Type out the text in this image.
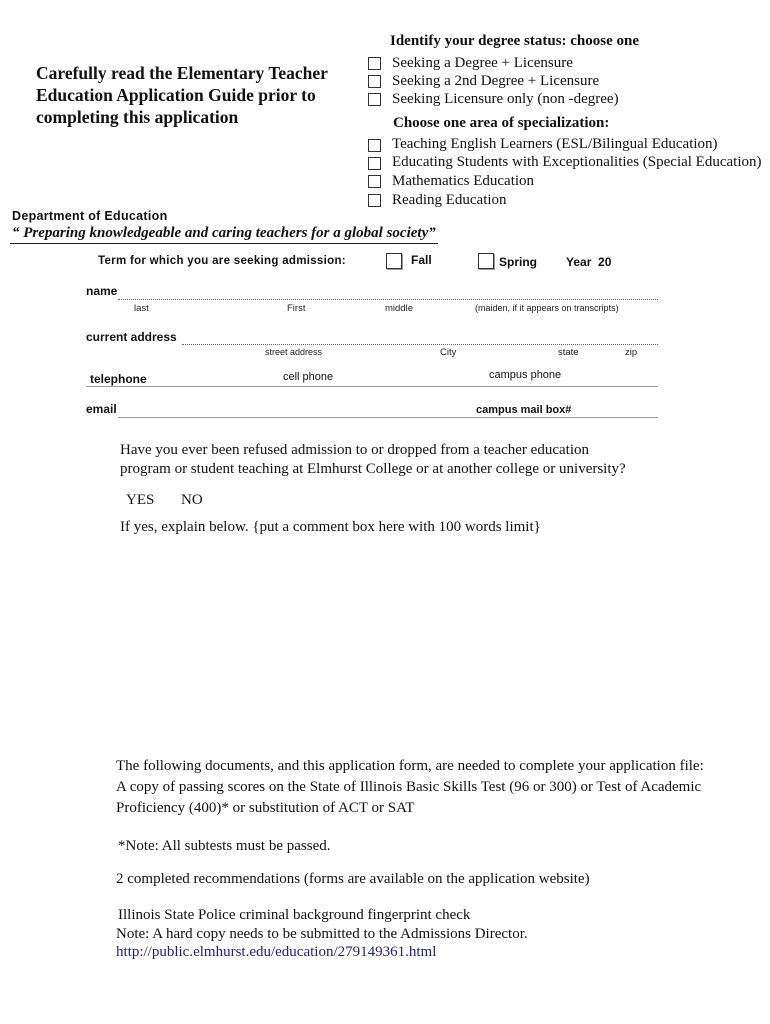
Carefully read the Elementary Teacher
Education Application Guide prior to
completing this application
Identify your degree status: choose one
Seeking a Degree + Licensure
Seeking a 2nd Degree + Licensure
Seeking Licensure only (non -degree)
Choose one area of specialization:
Teaching English Learners (ESL/Bilingual Education)
Educating Students with Exceptionalities (Special Education)
Mathematics Education
Reading Education
Department of Education
“ Preparing knowledgeable and caring teachers for a global society”
Term for which you are seeking admission:	Fall	Spring Year  20
name
last	First	middle	(maiden, if it appears on transcripts)
current address
street address	City	state	zip
telephone	cell phone	campus phone
email	campus mail box#
Have you ever been refused admission to or dropped from a teacher education
program or student teaching at Elmhurst College or at another college or university?
YES NO
If yes, explain below. {put a comment box here with 100 words limit}
The following documents, and this application form, are needed to complete your application file:
A copy of passing scores on the State of Illinois Basic Skills Test (96 or 300) or Test of Academic
Proficiency (400)* or substitution of ACT or SAT
*Note: All subtests must be passed.
2 completed recommendations (forms are available on the application website)
Illinois State Police criminal background fingerprint check
Note: A hard copy needs to be submitted to the Admissions Director.
http://public.elmhurst.edu/education/279149361.html
